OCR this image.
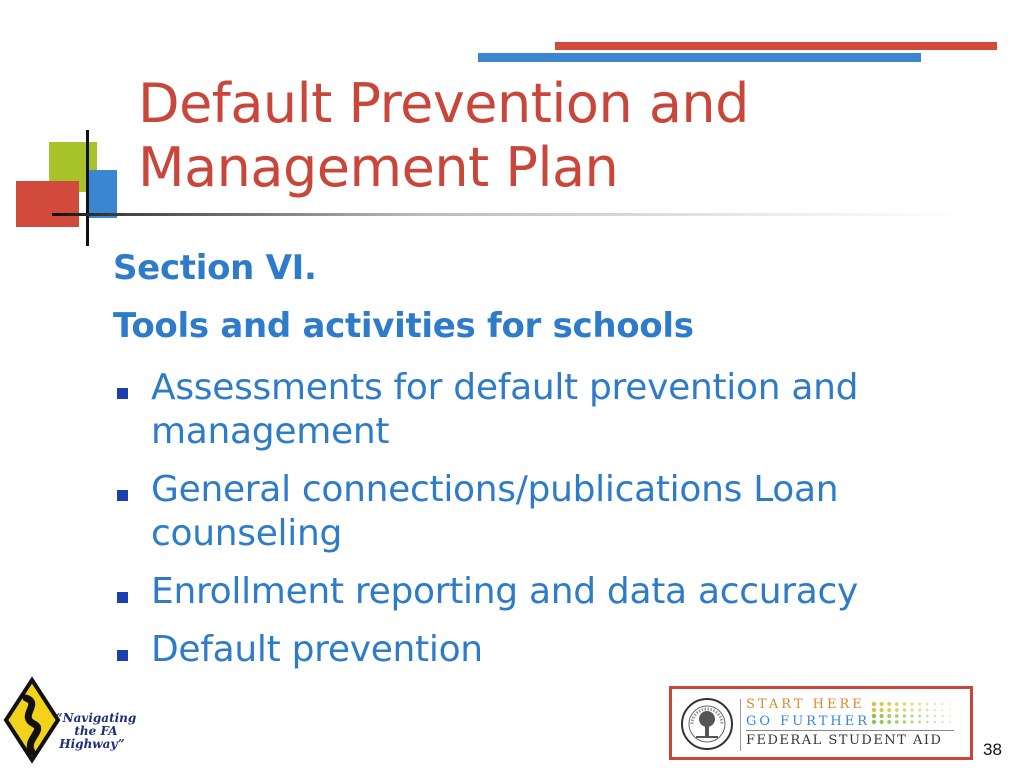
Default Prevention and Management Plan

Section VI.

Tools and activities for schools

Assessments for default prevention and management
General connections/publications Loan counseling
Enrollment reporting and data accuracy
Default prevention
“Navigating
the FA
Highway”
START HERE
GO FURTHER
FEDERAL STUDENT AID 38
